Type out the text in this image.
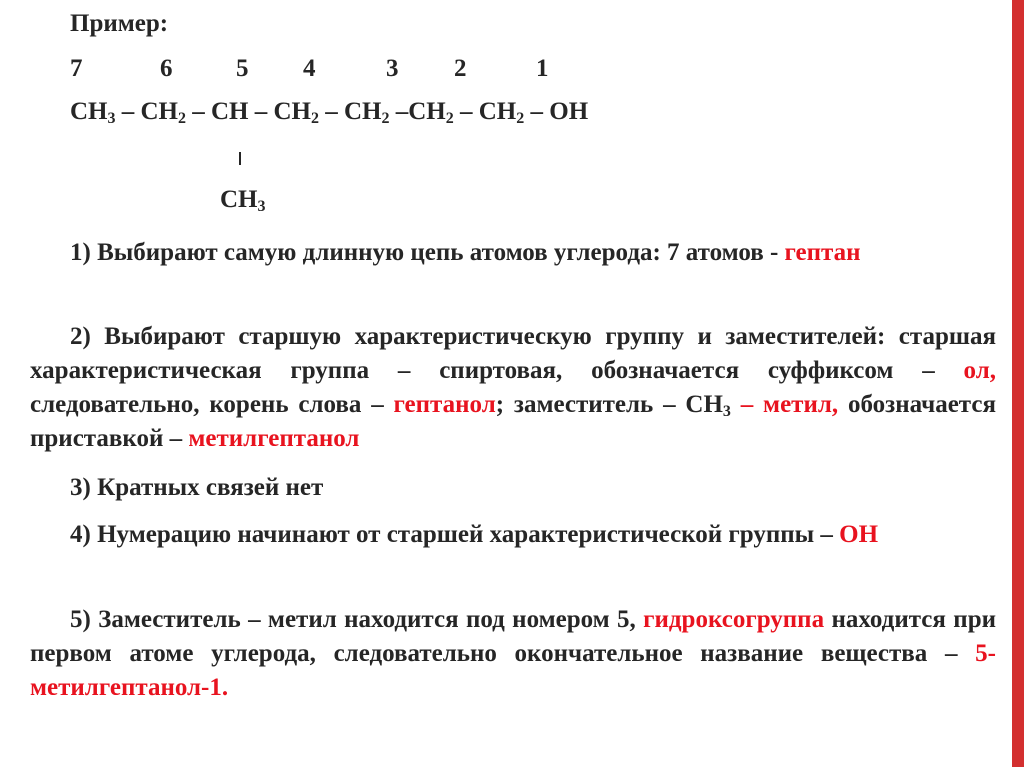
Пример:
7	6	5 4	3 2	1
$CH_3 - CH_2$ – CH – $CH_2 - CH_2$ $-CH_2 - CH_2$ – OH
$CH_3$
1) Выбирают самую длинную цепь атомов углерода: 7 атомов - гептан
2) Выбирают старшую характеристическую группу и заместителей: старшая характеристическая группа – спиртовая, обозначается суффиксом – ол, следовательно, корень слова – гептанол; заместитель – $CH_3$ – метил, обозначается приставкой – метилгептанол
3) Кратных связей нет
4) Нумерацию начинают от старшей характеристической группы – OH
5) Заместитель – метил находится под номером 5, гидроксогруппа находится при первом атоме углерода, следовательно окончательное название вещества – 5-метилгептанол-1.
